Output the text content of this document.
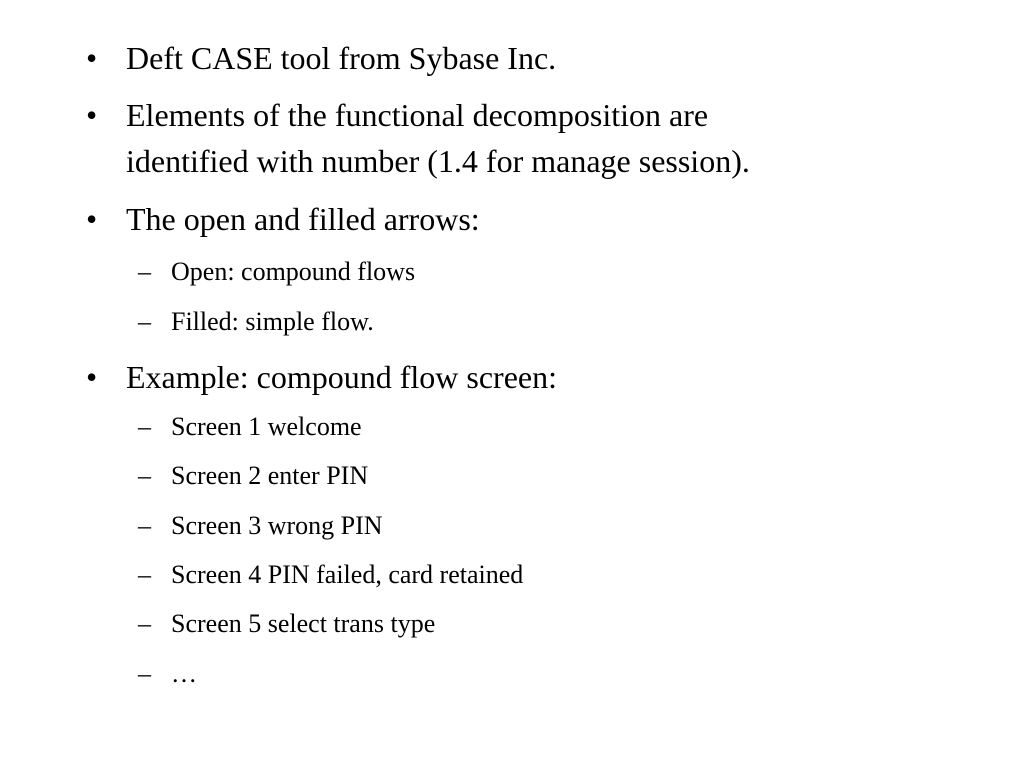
• Deft CASE tool from Sybase Inc.
• Elements of the functional decomposition are
identified with number (1.4 for manage session).
• The open and filled arrows:
– Open: compound flows
– Filled: simple flow.
• Example: compound flow screen:
– Screen 1 welcome
– Screen 2 enter PIN
– Screen 3 wrong PIN
– Screen 4 PIN failed, card retained
– Screen 5 select trans type
– …
